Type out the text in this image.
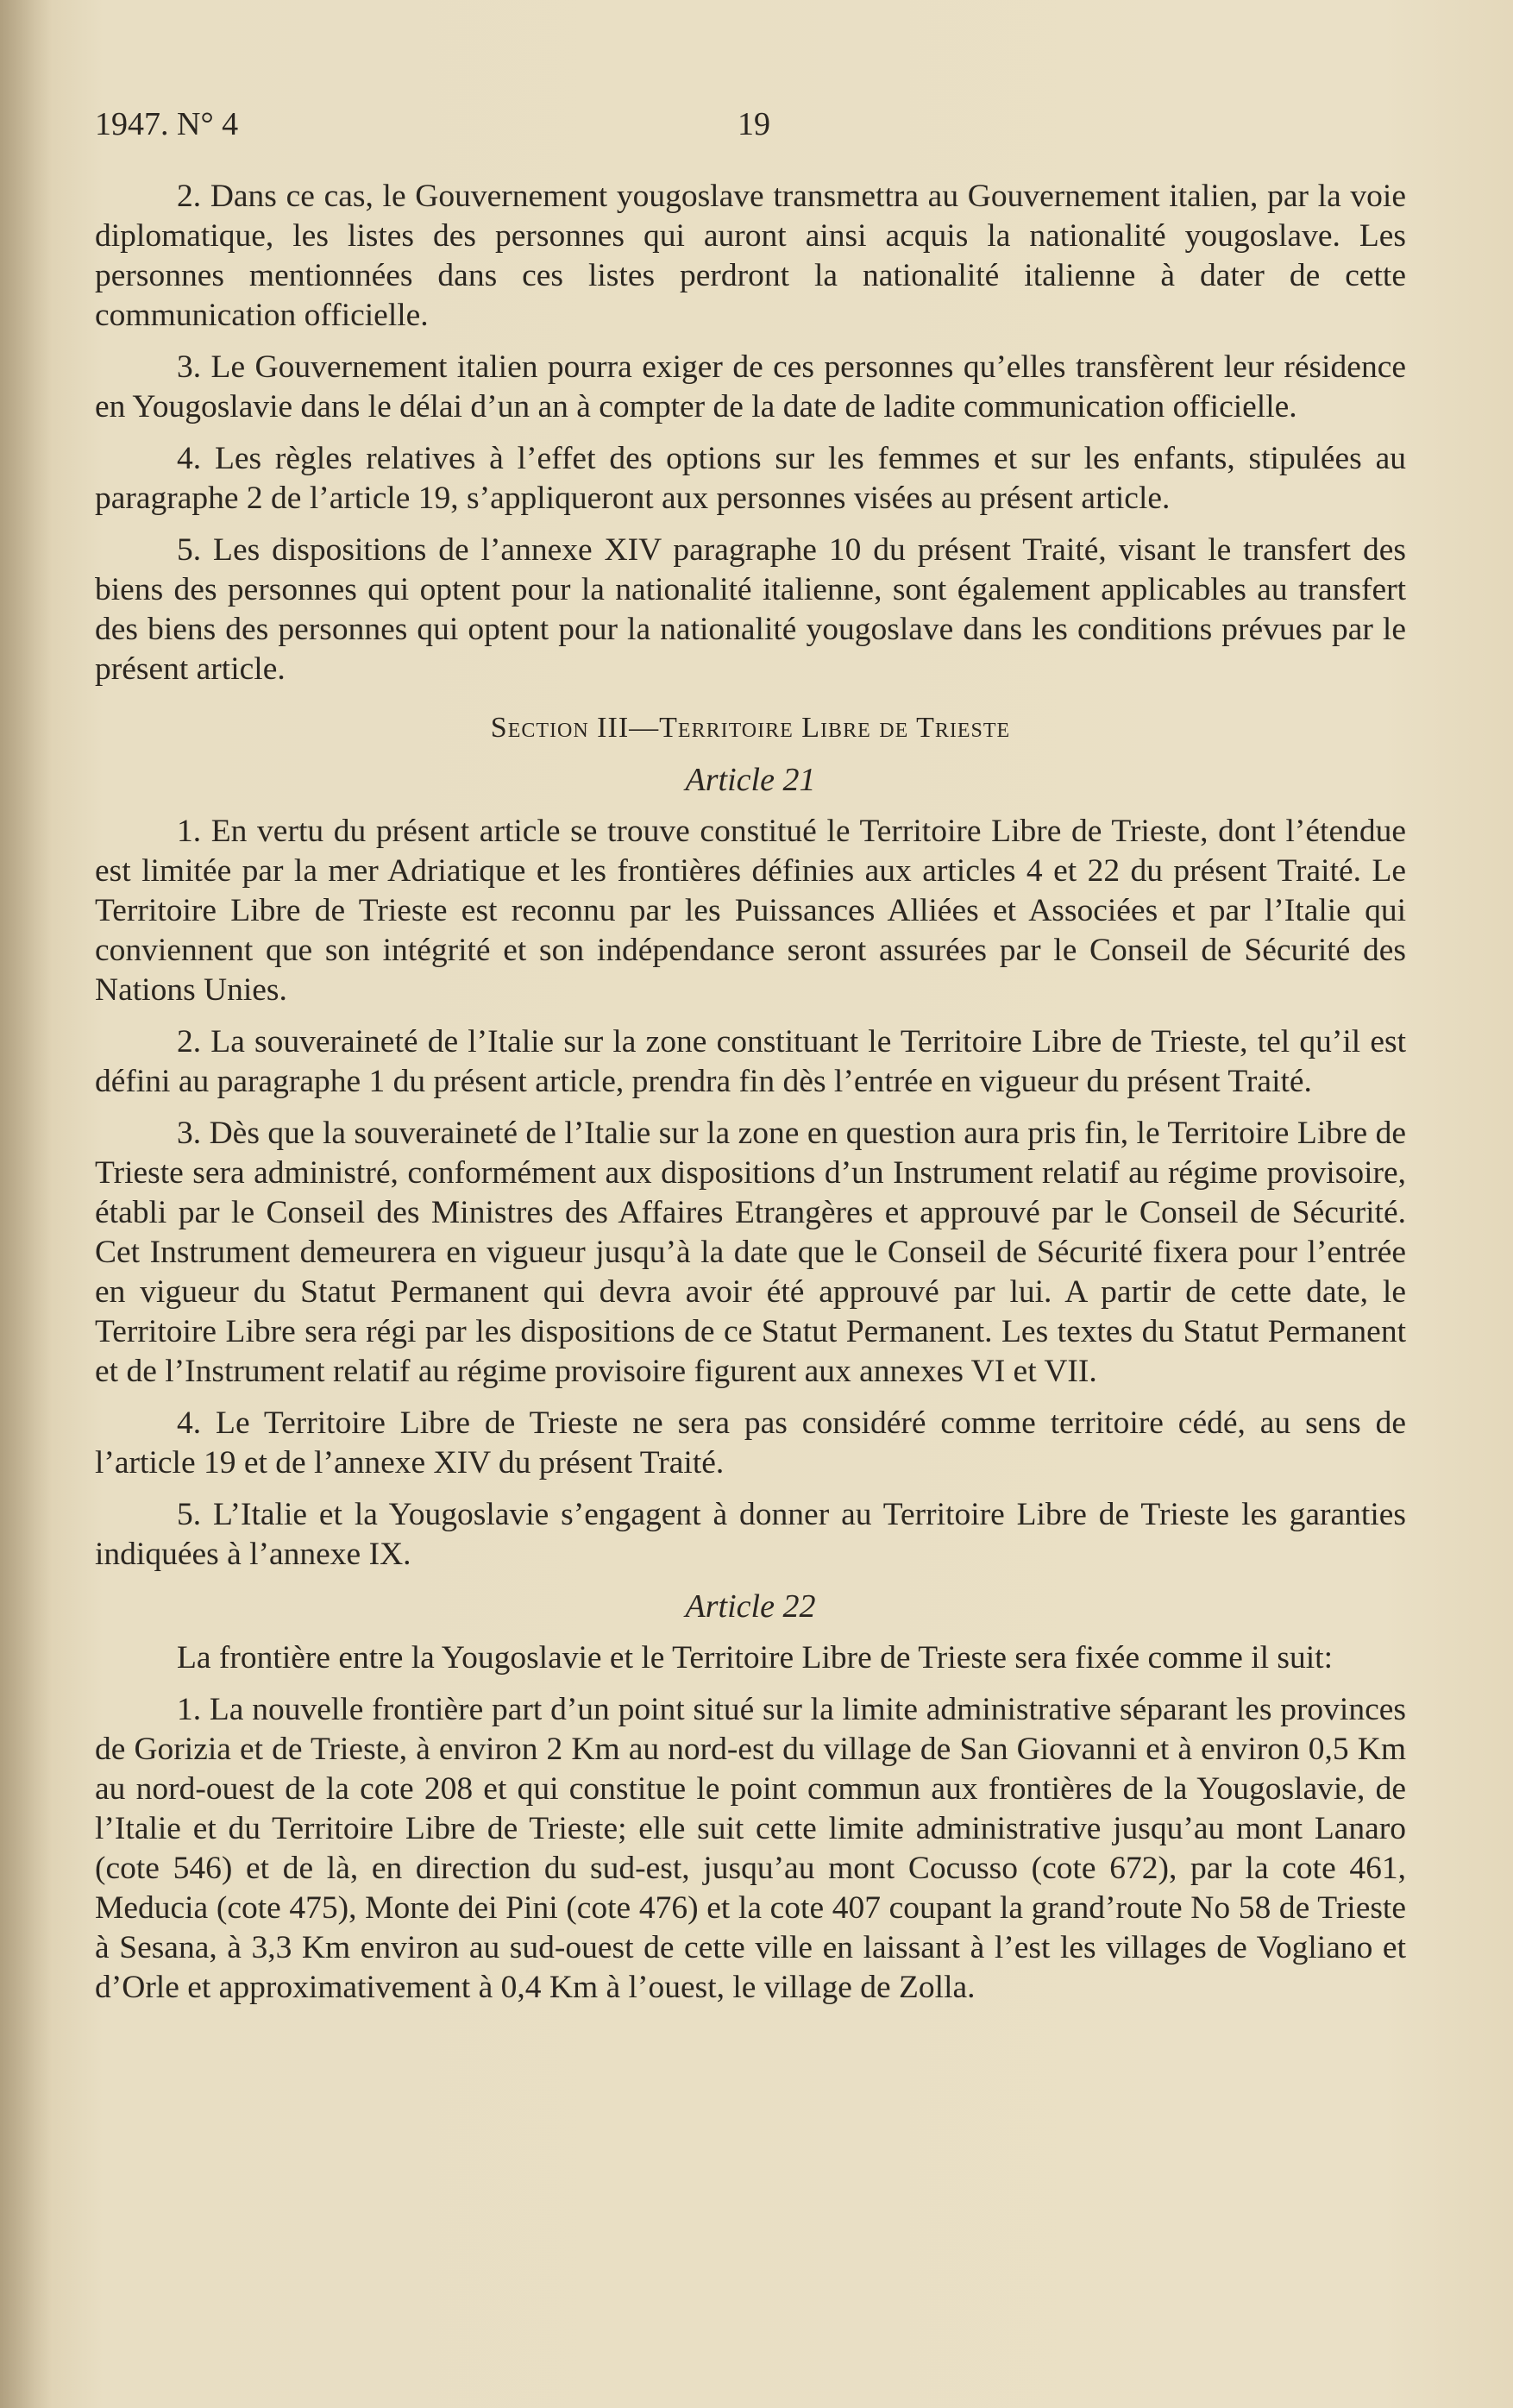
1947. N° 4	19

2. Dans ce cas, le Gouvernement yougoslave transmettra au Gouvernement italien, par la voie diplomatique, les listes des personnes qui auront ainsi acquis la nationalité yougoslave. Les personnes mentionnées dans ces listes perdront la nationalité italienne à dater de cette communication officielle.

3. Le Gouvernement italien pourra exiger de ces personnes qu’elles transfèrent leur résidence en Yougoslavie dans le délai d’un an à compter de la date de ladite communication officielle.

4. Les règles relatives à l’effet des options sur les femmes et sur les enfants, stipulées au paragraphe 2 de l’article 19, s’appliqueront aux personnes visées au présent article.

5. Les dispositions de l’annexe XIV paragraphe 10 du présent Traité, visant le transfert des biens des personnes qui optent pour la nationalité italienne, sont également applicables au transfert des biens des personnes qui optent pour la nationalité yougoslave dans les conditions prévues par le présent article.

Section III—Territoire Libre de Trieste
Article 21

1. En vertu du présent article se trouve constitué le Territoire Libre de Trieste, dont l’étendue est limitée par la mer Adriatique et les frontières définies aux articles 4 et 22 du présent Traité. Le Territoire Libre de Trieste est reconnu par les Puissances Alliées et Associées et par l’Italie qui conviennent que son intégrité et son indépendance seront assurées par le Conseil de Sécurité des Nations Unies.

2. La souveraineté de l’Italie sur la zone constituant le Territoire Libre de Trieste, tel qu’il est défini au paragraphe 1 du présent article, prendra fin dès l’entrée en vigueur du présent Traité.

3. Dès que la souveraineté de l’Italie sur la zone en question aura pris fin, le Territoire Libre de Trieste sera administré, conformément aux dispositions d’un Instrument relatif au régime provisoire, établi par le Conseil des Ministres des Affaires Etrangères et approuvé par le Conseil de Sécurité. Cet Instrument demeurera en vigueur jusqu’à la date que le Conseil de Sécurité fixera pour l’entrée en vigueur du Statut Permanent qui devra avoir été approuvé par lui. A partir de cette date, le Territoire Libre sera régi par les dispositions de ce Statut Permanent. Les textes du Statut Permanent et de l’Instrument relatif au régime provisoire figurent aux annexes VI et VII.

4. Le Territoire Libre de Trieste ne sera pas considéré comme territoire cédé, au sens de l’article 19 et de l’annexe XIV du présent Traité.

5. L’Italie et la Yougoslavie s’engagent à donner au Territoire Libre de Trieste les garanties indiquées à l’annexe IX.

Article 22

La frontière entre la Yougoslavie et le Territoire Libre de Trieste sera fixée comme il suit:

1. La nouvelle frontière part d’un point situé sur la limite administrative séparant les provinces de Gorizia et de Trieste, à environ 2 Km au nord-est du village de San Giovanni et à environ 0,5 Km au nord-ouest de la cote 208 et qui constitue le point commun aux frontières de la Yougoslavie, de l’Italie et du Territoire Libre de Trieste; elle suit cette limite administrative jusqu’au mont Lanaro (cote 546) et de là, en direction du sud-est, jusqu’au mont Cocusso (cote 672), par la cote 461, Meducia (cote 475), Monte dei Pini (cote 476) et la cote 407 coupant la grand’route No 58 de Trieste à Sesana, à 3,3 Km environ au sud-ouest de cette ville en laissant à l’est les villages de Vogliano et d’Orle et approximativement à 0,4 Km à l’ouest, le village de Zolla.
